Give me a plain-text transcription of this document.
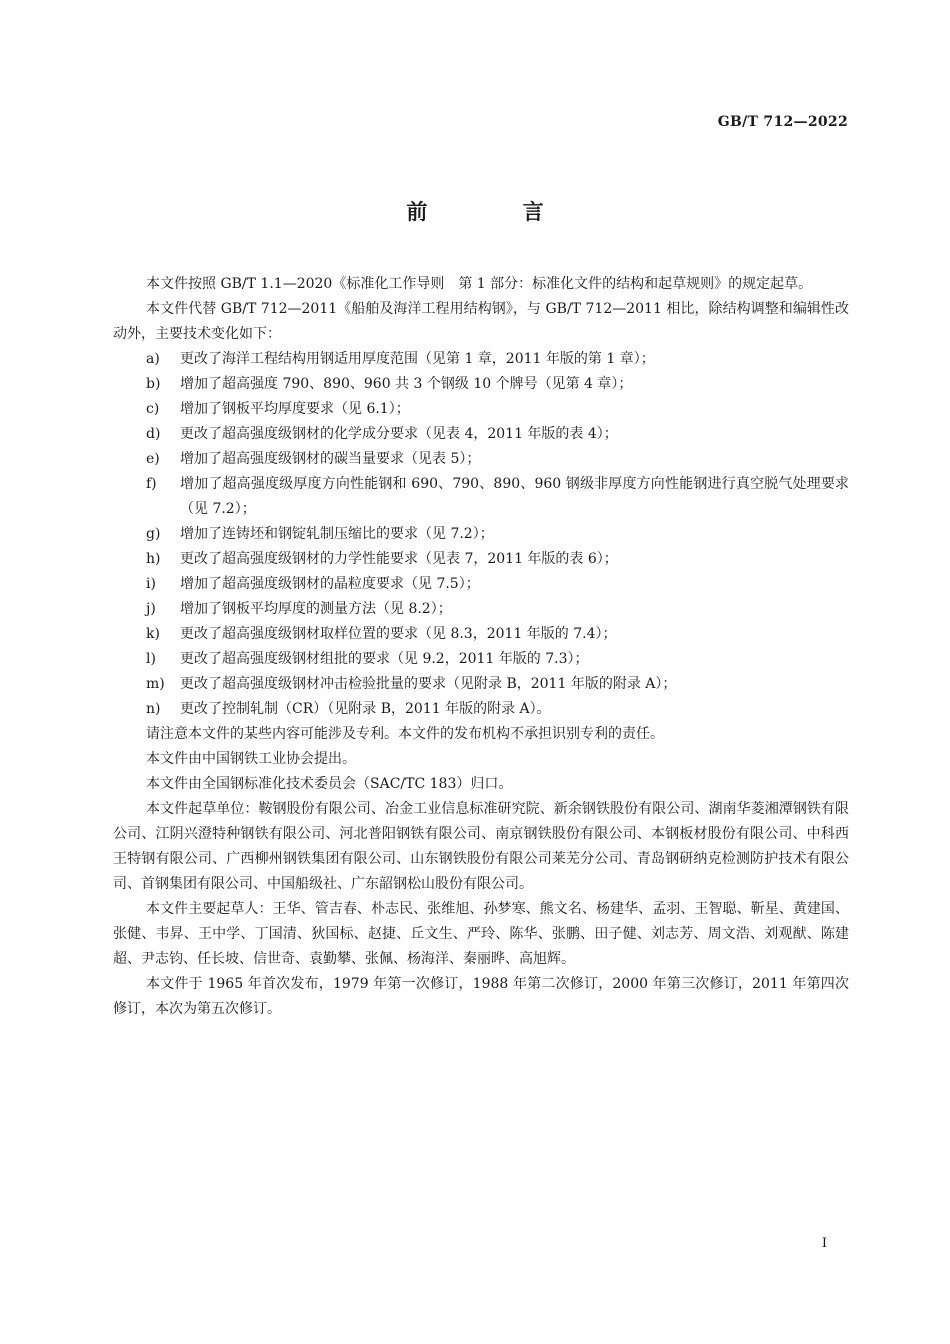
GB/T 712—2022
前 言

本文件按照 GB/T 1.1—2020《标准化工作导则　第 1 部分：标准化文件的结构和起草规则》的规定起草。

本文件代替 GB/T 712—2011《船舶及海洋工程用结构钢》，与 GB/T 712—2011 相比，除结构调整和编辑性改动外，主要技术变化如下：

a) 更改了海洋工程结构用钢适用厚度范围（见第 1 章，2011 年版的第 1 章）；
b) 增加了超高强度 790、890、960 共 3 个钢级 10 个牌号（见第 4 章）；
c) 增加了钢板平均厚度要求（见 6.1）；
d) 更改了超高强度级钢材的化学成分要求（见表 4，2011 年版的表 4）；
e) 增加了超高强度级钢材的碳当量要求（见表 5）；
f) 增加了超高强度级厚度方向性能钢和 690、790、890、960 钢级非厚度方向性能钢进行真空脱气处理要求（见 7.2）；
g) 增加了连铸坯和钢锭轧制压缩比的要求（见 7.2）；
h) 更改了超高强度级钢材的力学性能要求（见表 7，2011 年版的表 6）；
i) 增加了超高强度级钢材的晶粒度要求（见 7.5）；
j) 增加了钢板平均厚度的测量方法（见 8.2）；
k) 更改了超高强度级钢材取样位置的要求（见 8.3，2011 年版的 7.4）；
l) 更改了超高强度级钢材组批的要求（见 9.2，2011 年版的 7.3）；
m) 更改了超高强度级钢材冲击检验批量的要求（见附录 B，2011 年版的附录 A）；
n) 更改了控制轧制（CR）（见附录 B，2011 年版的附录 A）。

请注意本文件的某些内容可能涉及专利。本文件的发布机构不承担识别专利的责任。

本文件由中国钢铁工业协会提出。

本文件由全国钢标准化技术委员会（SAC/TC 183）归口。

本文件起草单位：鞍钢股份有限公司、冶金工业信息标准研究院、新余钢铁股份有限公司、湖南华菱湘潭钢铁有限公司、江阴兴澄特种钢铁有限公司、河北普阳钢铁有限公司、南京钢铁股份有限公司、本钢板材股份有限公司、中科西王特钢有限公司、广西柳州钢铁集团有限公司、山东钢铁股份有限公司莱芜分公司、青岛钢研纳克检测防护技术有限公司、首钢集团有限公司、中国船级社、广东韶钢松山股份有限公司。

本文件主要起草人：王华、管吉春、朴志民、张维旭、孙梦寒、熊文名、杨建华、孟羽、王智聪、靳星、黄建国、张健、韦昇、王中学、丁国清、狄国标、赵捷、丘文生、严玲、陈华、张鹏、田子健、刘志芳、周文浩、刘观猷、陈建超、尹志钧、任长坡、信世奇、袁勤攀、张佩、杨海洋、秦丽晔、高旭辉。

本文件于 1965 年首次发布，1979 年第一次修订，1988 年第二次修订，2000 年第三次修订，2011 年第四次修订，本次为第五次修订。

I
